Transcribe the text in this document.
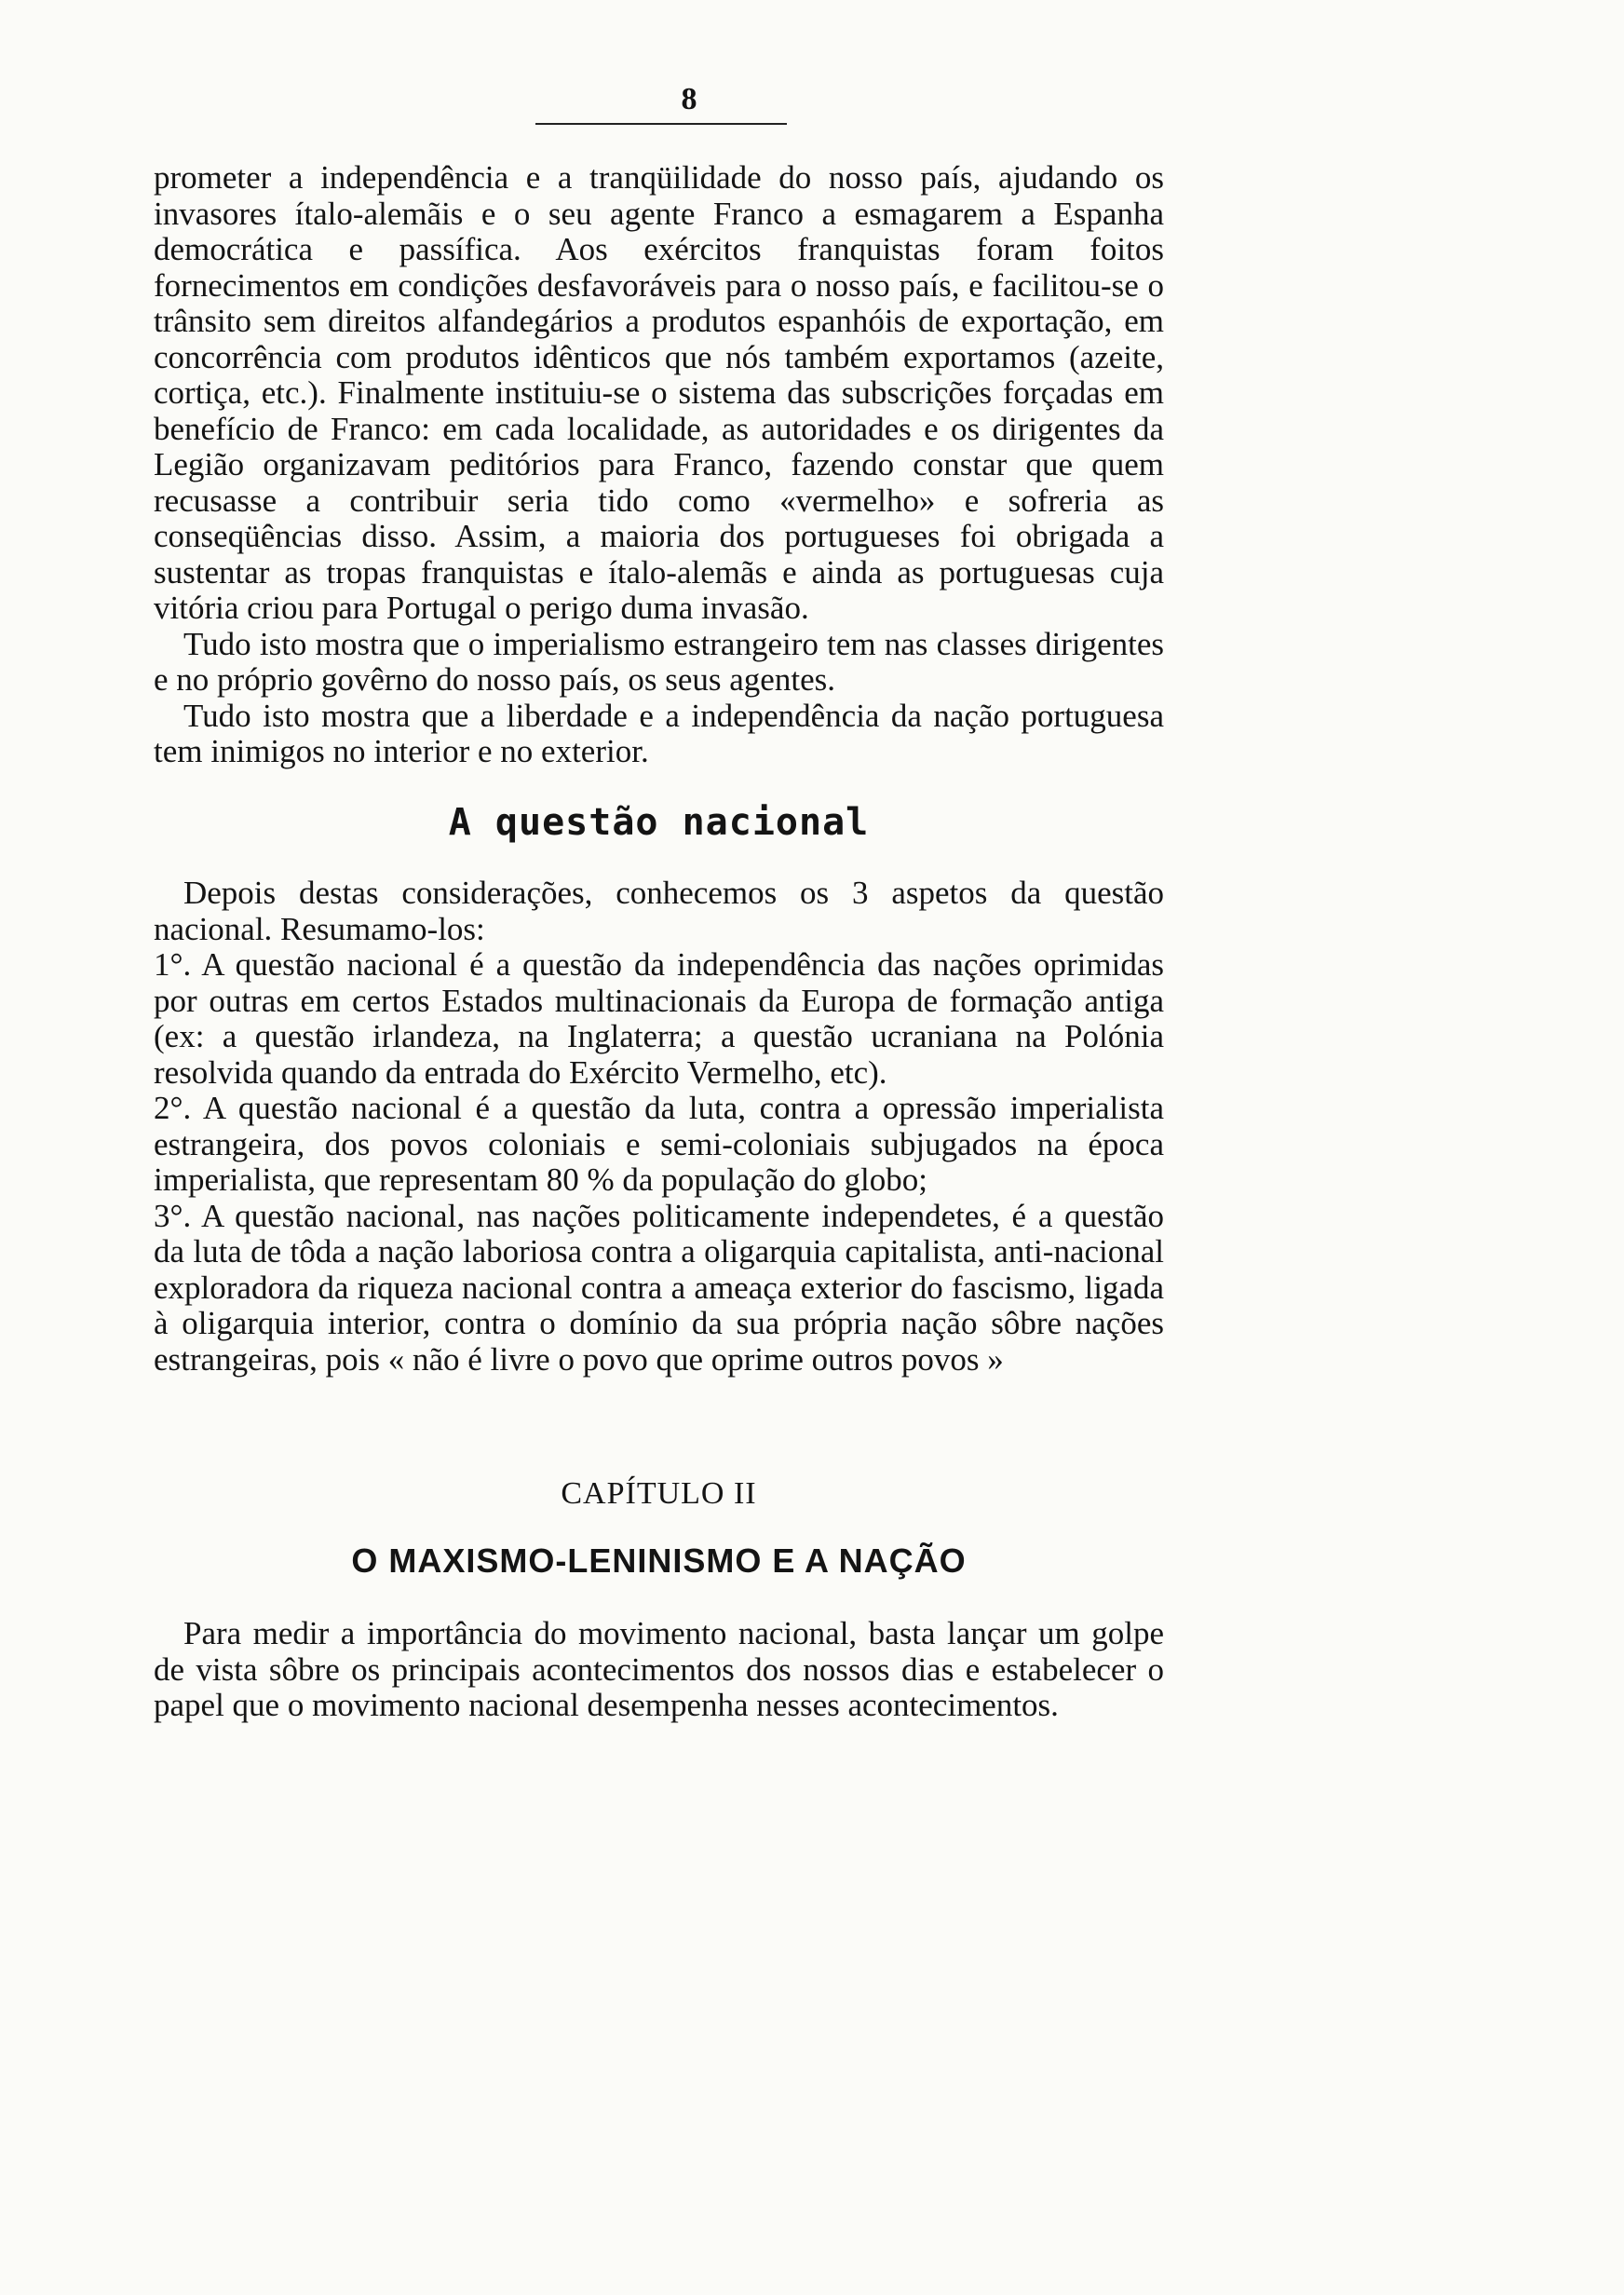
8

prometer a independência e a tranqüilidade do nosso país, ajudando os invasores ítalo-alemãis e o seu agente Franco a esmagarem a Espanha democrática e passífica. Aos exércitos franquistas foram foitos fornecimentos em condições desfavoráveis para o nosso país, e facilitou-se o trânsito sem direitos alfandegários a produtos espanhóis de exportação, em concorrência com produtos idênticos que nós também exportamos (azeite, cortiça, etc.). Finalmente instituiu-se o sistema das subscrições forçadas em benefício de Franco: em cada localidade, as autoridades e os dirigentes da Legião organizavam peditórios para Franco, fazendo constar que quem recusasse a contribuir seria tido como «vermelho» e sofreria as conseqüências disso. Assim, a maioria dos portugueses foi obrigada a sustentar as tropas franquistas e ítalo-alemãs e ainda as portuguesas cuja vitória criou para Portugal o perigo duma invasão.

Tudo isto mostra que o imperialismo estrangeiro tem nas classes dirigentes e no próprio govêrno do nosso país, os seus agentes.

Tudo isto mostra que a liberdade e a independência da nação portuguesa tem inimigos no interior e no exterior.

A questão nacional

Depois destas considerações, conhecemos os 3 aspetos da questão nacional. Resumamo-los:

1°. A questão nacional é a questão da independência das nações oprimidas por outras em certos Estados multinacionais da Europa de formação antiga (ex: a questão irlandeza, na Inglaterra; a questão ucraniana na Polónia resolvida quando da entrada do Exército Vermelho, etc).

2°. A questão nacional é a questão da luta, contra a opressão imperialista estrangeira, dos povos coloniais e semi-coloniais subjugados na época imperialista, que representam 80 % da população do globo;

3°. A questão nacional, nas nações politicamente independetes, é a questão da luta de tôda a nação laboriosa contra a oligarquia capitalista, anti-nacional exploradora da riqueza nacional contra a ameaça exterior do fascismo, ligada à oligarquia interior, contra o domínio da sua própria nação sôbre nações estrangeiras, pois « não é livre o povo que oprime outros povos »

CAPÍTULO II
O MAXISMO-LENINISMO E A NAÇÃO

Para medir a importância do movimento nacional, basta lançar um golpe de vista sôbre os principais acontecimentos dos nossos dias e estabelecer o papel que o movimento nacional desempenha nesses acontecimentos.
